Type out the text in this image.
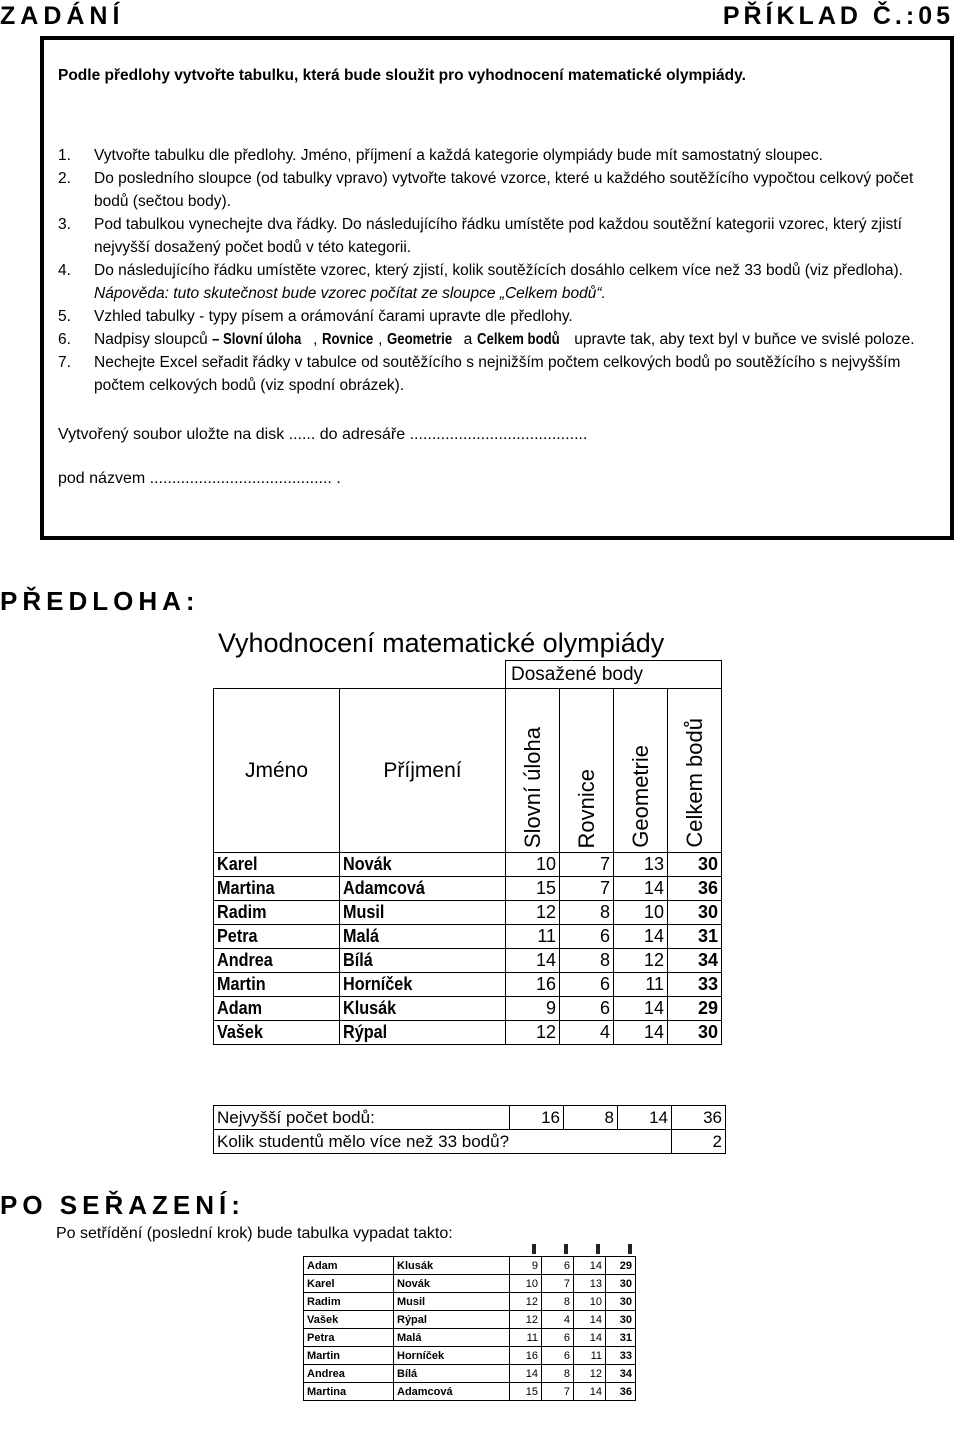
ZADÁNÍ	PŘÍKLAD Č.:05
Podle předlohy vytvořte tabulku, která bude sloužit pro vyhodnocení matematické olympiády.
1. Vytvořte tabulku dle předlohy. Jméno, příjmení a každá kategorie olympiády bude mít samostatný sloupec.
2. Do posledního sloupce (od tabulky vpravo) vytvořte takové vzorce, které u každého soutěžícího vypočtou celkový počet bodů (sečtou body).
3. Pod tabulkou vynechejte dva řádky. Do následujícího řádku umístěte pod každou soutěžní kategorii vzorec, který zjistí nejvyšší dosažený počet bodů v této kategorii.
4. Do následujícího řádku umístěte vzorec, který zjistí, kolik soutěžících dosáhlo celkem více než 33 bodů (viz předloha). Nápověda: tuto skutečnost bude vzorec počítat ze sloupce „Celkem bodů“.
5. Vzhled tabulky - typy písem a orámování čarami upravte dle předlohy.
6. Nadpisy sloupců – Slovní úloha , Rovnice , Geometrie a Celkem bodů upravte tak, aby text byl v buňce ve svislé poloze.
7. Nechejte Excel seřadit řádky v tabulce od soutěžícího s nejnižším počtem celkových bodů po soutěžícího s nejvyšším počtem celkových bodů (viz spodní obrázek).
Vytvořený soubor uložte na disk ...... do adresáře ........................................
pod názvem ......................................... .
PŘEDLOHA:
Vyhodnocení matematické olympiády
		Dosažené body			
Jméno	Příjmení	Slovní úloha	Rovnice	Geometrie	Celkem bodů

Karel	Novák	10	7	13	30
Martina	Adamcová	15	7	14	36
Radim	Musil	12	8	10	30
Petra	Malá	11	6	14	31
Andrea	Bílá	14	8	12	34
Martin	Horníček	16	6	11	33
Adam	Klusák	9	6	14	29
Vašek	Rýpal	12	4	14	30
Nejvyšší počet bodů:	16	8	14	36
Kolik studentů mělo více než 33 bodů?				2
PO SEŘAZENÍ:
Po setřídění (poslední krok) bude tabulka vypadat takto:
Adam	Klusák	9	6	14	29
Karel	Novák	10	7	13	30
Radim	Musil	12	8	10	30
Vašek	Rýpal	12	4	14	30
Petra	Malá	11	6	14	31
Martin	Horníček	16	6	11	33
Andrea	Bílá	14	8	12	34
Martina	Adamcová	15	7	14	36
